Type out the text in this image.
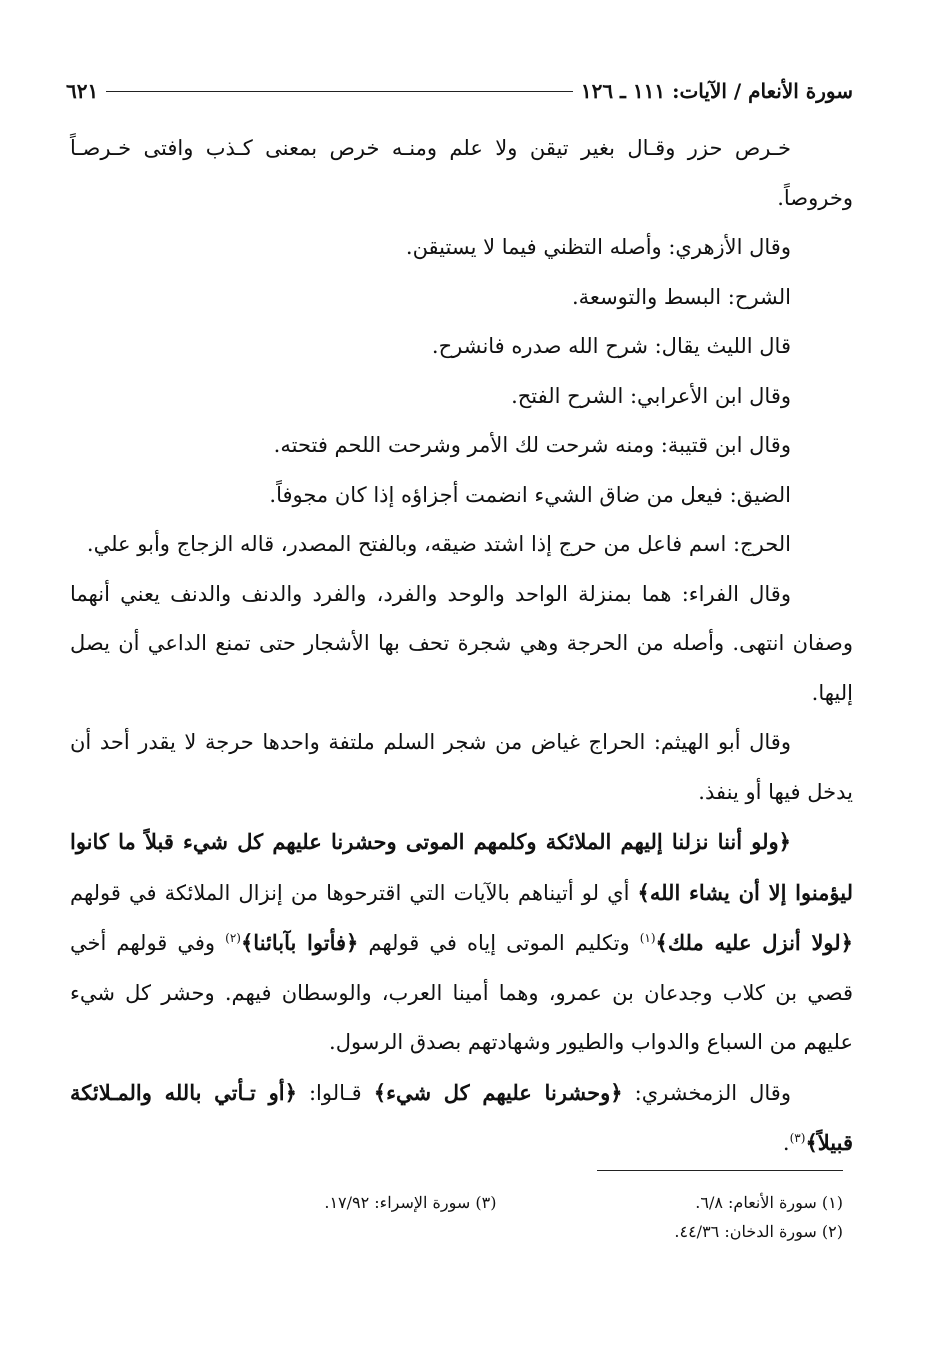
سورة الأنعام / الآيات: ١١١ ـ ١٢٦
٦٢١

خـرص حزر وقـال بغير تيقن ولا علم ومنـه خرص بمعنى كـذب وافتى خـرصـاً وخروصاً.

وقال الأزهري: وأصله التظني فيما لا يستيقن.

الشرح: البسط والتوسعة.

قال الليث يقال: شرح الله صدره فانشرح.

وقال ابن الأعرابي: الشرح الفتح.

وقال ابن قتيبة: ومنه شرحت لك الأمر وشرحت اللحم فتحته.

الضيق: فيعل من ضاق الشيء انضمت أجزاؤه إذا كان مجوفاً.

الحرج: اسم فاعل من حرج إذا اشتد ضيقه، وبالفتح المصدر، قاله الزجاج وأبو علي.

وقال الفراء: هما بمنزلة الواحد والوحد والفرد، والفرد والدنف والدنف يعني أنهما وصفان انتهى. وأصله من الحرجة وهي شجرة تحف بها الأشجار حتى تمنع الداعي أن يصل إليها.

وقال أبو الهيثم: الحراج غياض من شجر السلم ملتفة واحدها حرجة لا يقدر أحد أن يدخل فيها أو ينفذ.

﴿ولو أننا نزلنا إليهم الملائكة وكلمهم الموتى وحشرنا عليهم كل شيء قبلاً ما كانوا ليؤمنوا إلا أن يشاء الله﴾ أي لو أتيناهم بالآيات التي اقترحوها من إنزال الملائكة في قولهم ﴿لولا أنزل عليه ملك﴾$^{(١)}$ وتكليم الموتى إياه في قولهم ﴿فأتوا بآبائنا﴾$^{(٢)}$ وفي قولهم أخي قصي بن كلاب وجدعان بن عمرو، وهما أمينا العرب، والوسطان فيهم. وحشر كل شيء عليهم من السباع والدواب والطيور وشهادتهم بصدق الرسول.

وقال الزمخشري: ﴿وحشرنا عليهم كل شيء﴾ قـالوا: ﴿أو تـأتي بالله والمـلائكة قبيلاً﴾$^{(٣)}$.

(١) سورة الأنعام: ٦/٨.
(٣) سورة الإسراء: ١٧/٩٢.
(٢) سورة الدخان: ٤٤/٣٦.
